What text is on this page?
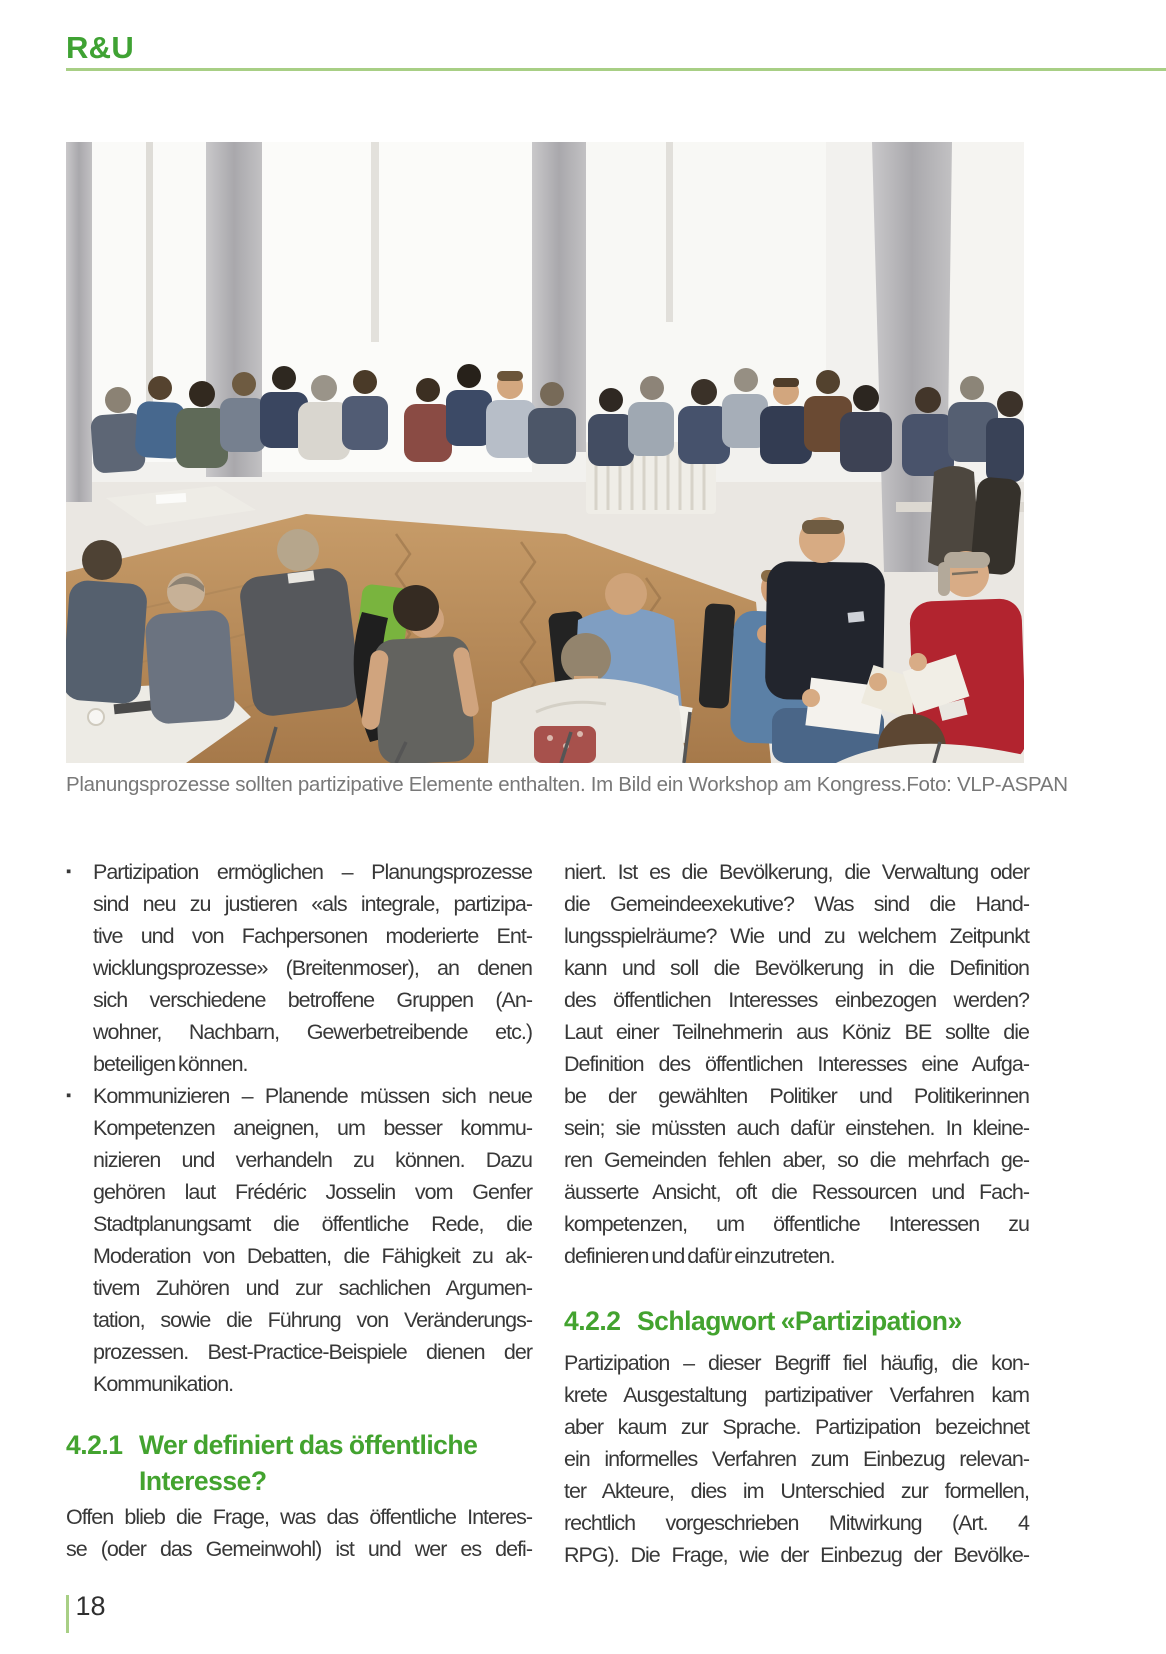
R&U
Planungsprozesse sollten partizipative Elemente enthalten. Im Bild ein Workshop am Kongress. Foto: VLP-ASPAN
▪	Partizipation ermöglichen – Planungsprozesse
sind neu zu justieren «als integrale, partizipa-
tive und von Fachpersonen moderierte Ent-
wicklungsprozesse» (Breitenmoser), an denen
sich verschiedene betroffene Gruppen (An-
wohner, Nachbarn, Gewerbetreibende etc.)
beteiligen können.
▪	Kommunizieren – Planende müssen sich neue
Kompetenzen aneignen, um besser kommu-
nizieren und verhandeln zu können. Dazu
gehören laut Frédéric Josselin vom Genfer
Stadtplanungsamt die öffentliche Rede, die
Moderation von Debatten, die Fähigkeit zu ak-
tivem Zuhören und zur sachlichen Argumen-
tation, sowie die Führung von Veränderungs-
prozessen. Best-Practice-Beispiele dienen der
Kommunikation.
4.2.1 Wer definiert das öffentliche Interesse?
Offen blieb die Frage, was das öffentliche Interes-
se (oder das Gemeinwohl) ist und wer es defi-
niert. Ist es die Bevölkerung, die Verwaltung oder
die Gemeindeexekutive? Was sind die Hand-
lungsspielräume? Wie und zu welchem Zeitpunkt
kann und soll die Bevölkerung in die Definition
des öffentlichen Interesses einbezogen werden?
Laut einer Teilnehmerin aus Köniz BE sollte die
Definition des öffentlichen Interesses eine Aufga-
be der gewählten Politiker und Politikerinnen
sein; sie müssten auch dafür einstehen. In kleine-
ren Gemeinden fehlen aber, so die mehrfach ge-
äusserte Ansicht, oft die Ressourcen und Fach-
kompetenzen, um öffentliche Interessen zu
definieren und dafür einzutreten.
4.2.2 Schlagwort «Partizipation»
Partizipation – dieser Begriff fiel häufig, die kon-
krete Ausgestaltung partizipativer Verfahren kam
aber kaum zur Sprache. Partizipation bezeichnet
ein informelles Verfahren zum Einbezug relevan-
ter Akteure, dies im Unterschied zur formellen,
rechtlich vorgeschrieben Mitwirkung (Art. 4
RPG). Die Frage, wie der Einbezug der Bevölke-
18
